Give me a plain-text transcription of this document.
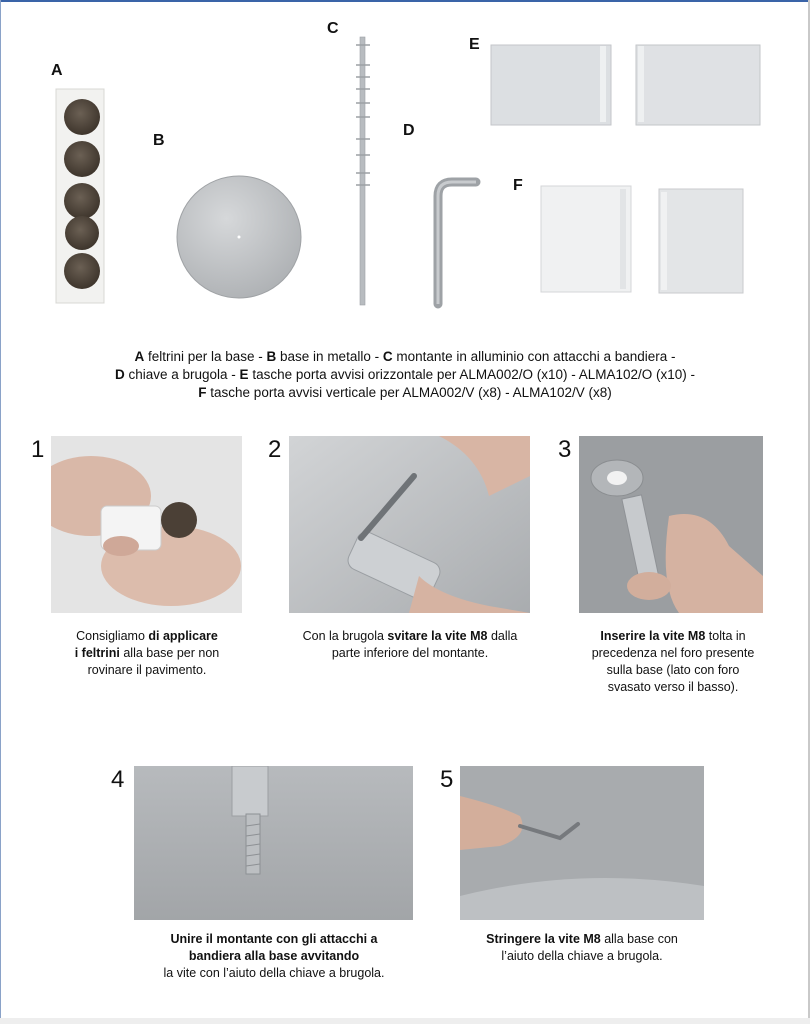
A
B
C
D
E
F
A feltrini per la base - B base in metallo - C montante in alluminio con attacchi a bandiera -
D chiave a brugola - E tasche porta avvisi orizzontale per ALMA002/O (x10) - ALMA102/O (x10) -
F tasche porta avvisi verticale per ALMA002/V (x8) - ALMA102/V (x8)
1
Consigliamo di applicare
i feltrini alla base per non
rovinare il pavimento.
2
Con la brugola svitare la vite M8 dalla
parte inferiore del montante.
3
Inserire la vite M8 tolta in
precedenza nel foro presente
sulla base (lato con foro
svasato verso il basso).
4
Unire il montante con gli attacchi a
bandiera alla base avvitando
la vite con l’aiuto della chiave a brugola.
5
Stringere la vite M8 alla base con
l’aiuto della chiave a brugola.
